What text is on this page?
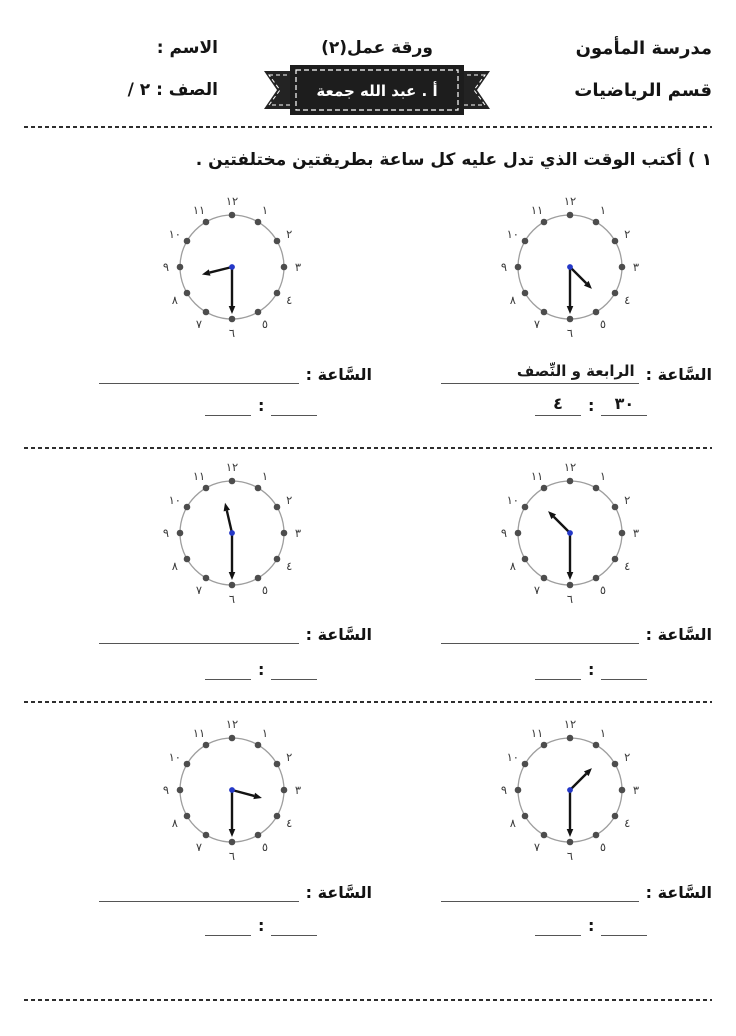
مدرسة المأمون
قسم الرياضيات
ورقة عمل(٢)
أ . عبد الله جمعة
الاسم :
الصف : ٢ /
١ ) أكتب الوقت الذي تدل عليه كل ساعة بطريقتين مختلفتين .
١
٢
٣
٤
٥
٦
٧
٨
٩
١٠
١١
١٢
١
٢
٣
٤
٥
٦
٧
٨
٩
١٠
١١
١٢
١
٢
٣
٤
٥
٦
٧
٨
٩
١٠
١١
١٢
١
٢
٣
٤
٥
٦
٧
٨
٩
١٠
١١
١٢
١
٢
٣
٤
٥
٦
٧
٨
٩
١٠
١١
١٢
١
٢
٣
٤
٥
٦
٧
٨
٩
١٠
١١
١٢
السَّاعة :
الرابعة و النِّصف
٤	:	٣٠
السَّاعة :
:
السَّاعة :
:
السَّاعة :
:
السَّاعة :
:
السَّاعة :
:
